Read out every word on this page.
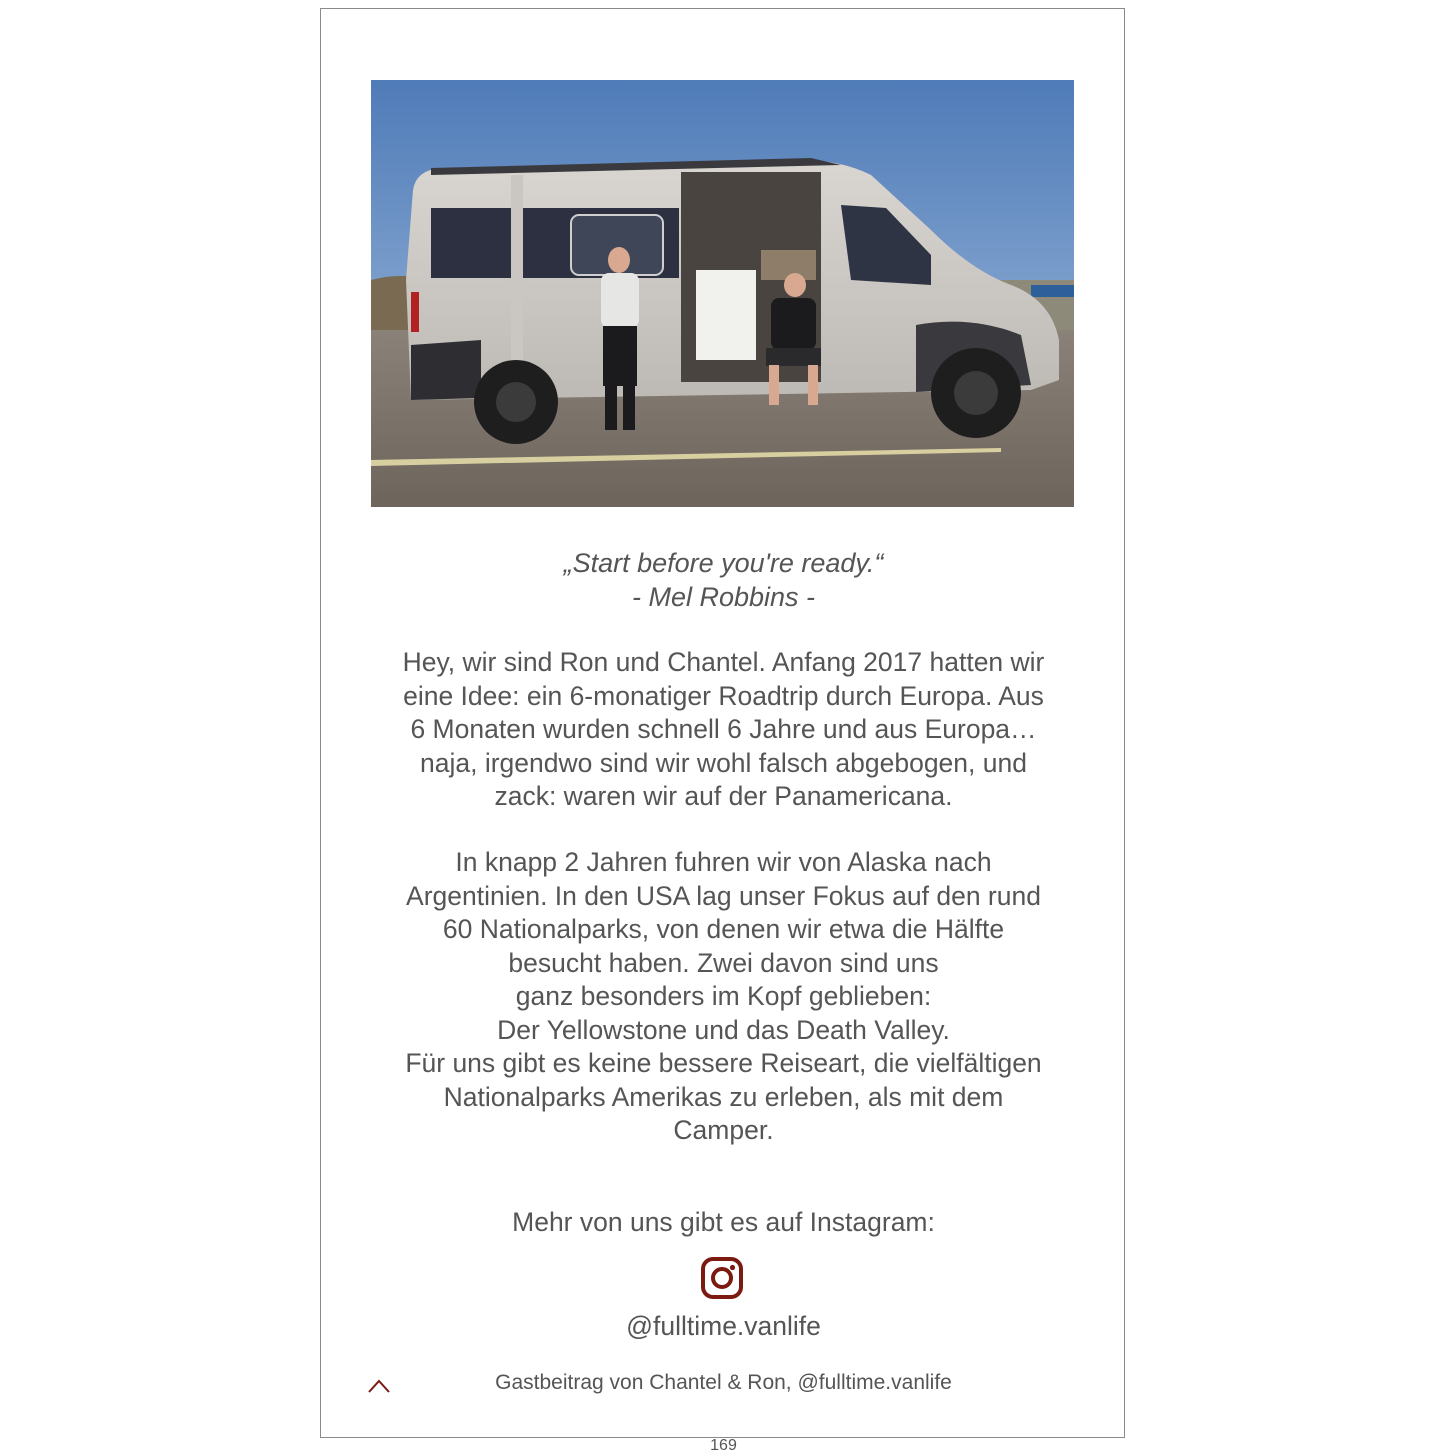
„Start before you're ready.“
- Mel Robbins -
Hey, wir sind Ron und Chantel. Anfang 2017 hatten wir
eine Idee: ein 6-monatiger Roadtrip durch Europa. Aus
6 Monaten wurden schnell 6 Jahre und aus Europa…
naja, irgendwo sind wir wohl falsch abgebogen, und
zack: waren wir auf der Panamericana.
In knapp 2 Jahren fuhren wir von Alaska nach
Argentinien. In den USA lag unser Fokus auf den rund
60 Nationalparks, von denen wir etwa die Hälfte
besucht haben. Zwei davon sind uns
ganz besonders im Kopf geblieben:
Der Yellowstone und das Death Valley.
Für uns gibt es keine bessere Reiseart, die vielfältigen
Nationalparks Amerikas zu erleben, als mit dem
Camper.
Mehr von uns gibt es auf Instagram:
@fulltime.vanlife
Gastbeitrag von Chantel & Ron, @fulltime.vanlife
169
